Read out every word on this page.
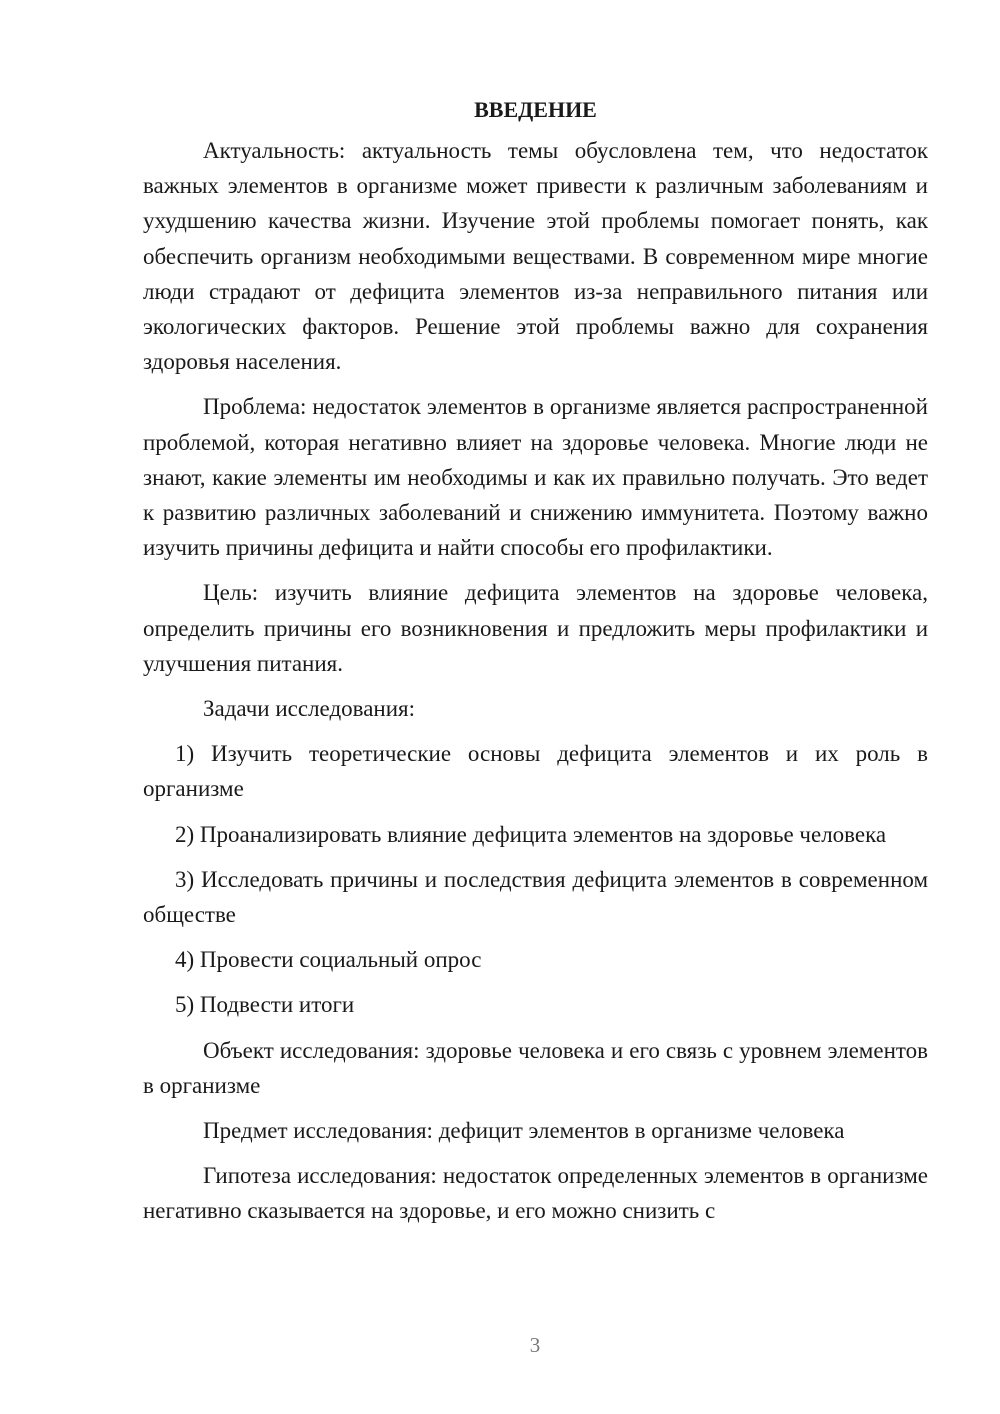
ВВЕДЕНИЕ

Актуальность: актуальность темы обусловлена тем, что недостаток важных элементов в организме может привести к различным заболеваниям и ухудшению качества жизни. Изучение этой проблемы помогает понять, как обеспечить организм необходимыми веществами. В современном мире многие люди страдают от дефицита элементов из-за неправильного питания или экологических факторов. Решение этой проблемы важно для сохранения здоровья населения.

Проблема: недостаток элементов в организме является распространенной проблемой, которая негативно влияет на здоровье человека. Многие люди не знают, какие элементы им необходимы и как их правильно получать. Это ведет к развитию различных заболеваний и снижению иммунитета. Поэтому важно изучить причины дефицита и найти способы его профилактики.

Цель: изучить влияние дефицита элементов на здоровье человека, определить причины его возникновения и предложить меры профилактики и улучшения питания.

Задачи исследования:

1) Изучить теоретические основы дефицита элементов и их роль в организме

2) Проанализировать влияние дефицита элементов на здоровье человека

3) Исследовать причины и последствия дефицита элементов в современном обществе

4) Провести социальный опрос

5) Подвести итоги

Объект исследования: здоровье человека и его связь с уровнем элементов в организме

Предмет исследования: дефицит элементов в организме человека

Гипотеза исследования: недостаток определенных элементов в организме негативно сказывается на здоровье, и его можно снизить с

3
